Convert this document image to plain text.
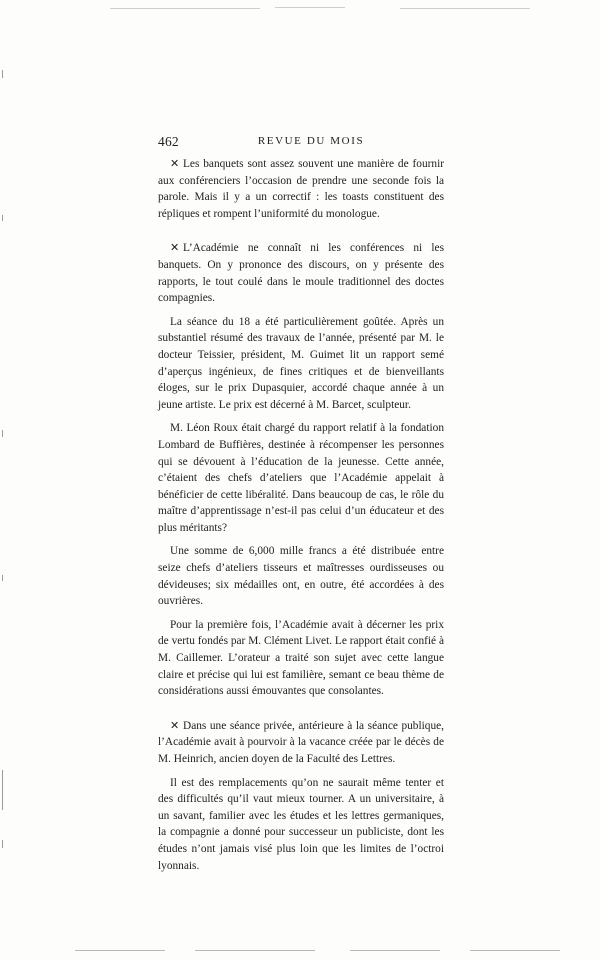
462	REVUE DU MOIS

✕ Les banquets sont assez souvent une manière de fournir aux conférenciers l’occasion de prendre une seconde fois la parole. Mais il y a un correctif : les toasts constituent des répliques et rompent l’uniformité du monologue.

✕ L’Académie ne connaît ni les conférences ni les banquets. On y prononce des discours, on y présente des rapports, le tout coulé dans le moule traditionnel des doctes compagnies.

La séance du 18 a été particulièrement goûtée. Après un substantiel résumé des travaux de l’année, présenté par M. le docteur Teissier, président, M. Guimet lit un rapport semé d’aperçus ingénieux, de fines critiques et de bienveillants éloges, sur le prix Dupasquier, accordé chaque année à un jeune artiste. Le prix est décerné à M. Barcet, sculpteur.

M. Léon Roux était chargé du rapport relatif à la fondation Lombard de Buffières, destinée à récompenser les personnes qui se dévouent à l’éducation de la jeunesse. Cette année, c’étaient des chefs d’ateliers que l’Académie appelait à bénéficier de cette libéralité. Dans beaucoup de cas, le rôle du maître d’apprentissage n’est-il pas celui d’un éducateur et des plus méritants?

Une somme de 6,000 mille francs a été distribuée entre seize chefs d’ateliers tisseurs et maîtresses ourdisseuses ou dévideuses; six médailles ont, en outre, été accordées à des ouvrières.

Pour la première fois, l’Académie avait à décerner les prix de vertu fondés par M. Clément Livet. Le rapport était confié à M. Caillemer. L’orateur a traité son sujet avec cette langue claire et précise qui lui est familière, semant ce beau thème de considérations aussi émouvantes que consolantes.

✕ Dans une séance privée, antérieure à la séance publique, l’Académie avait à pourvoir à la vacance créée par le décès de M. Heinrich, ancien doyen de la Faculté des Lettres.

Il est des remplacements qu’on ne saurait même tenter et des difficultés qu’il vaut mieux tourner. A un universitaire, à un savant, familier avec les études et les lettres germaniques, la compagnie a donné pour successeur un publiciste, dont les études n’ont jamais visé plus loin que les limites de l’octroi lyonnais.
